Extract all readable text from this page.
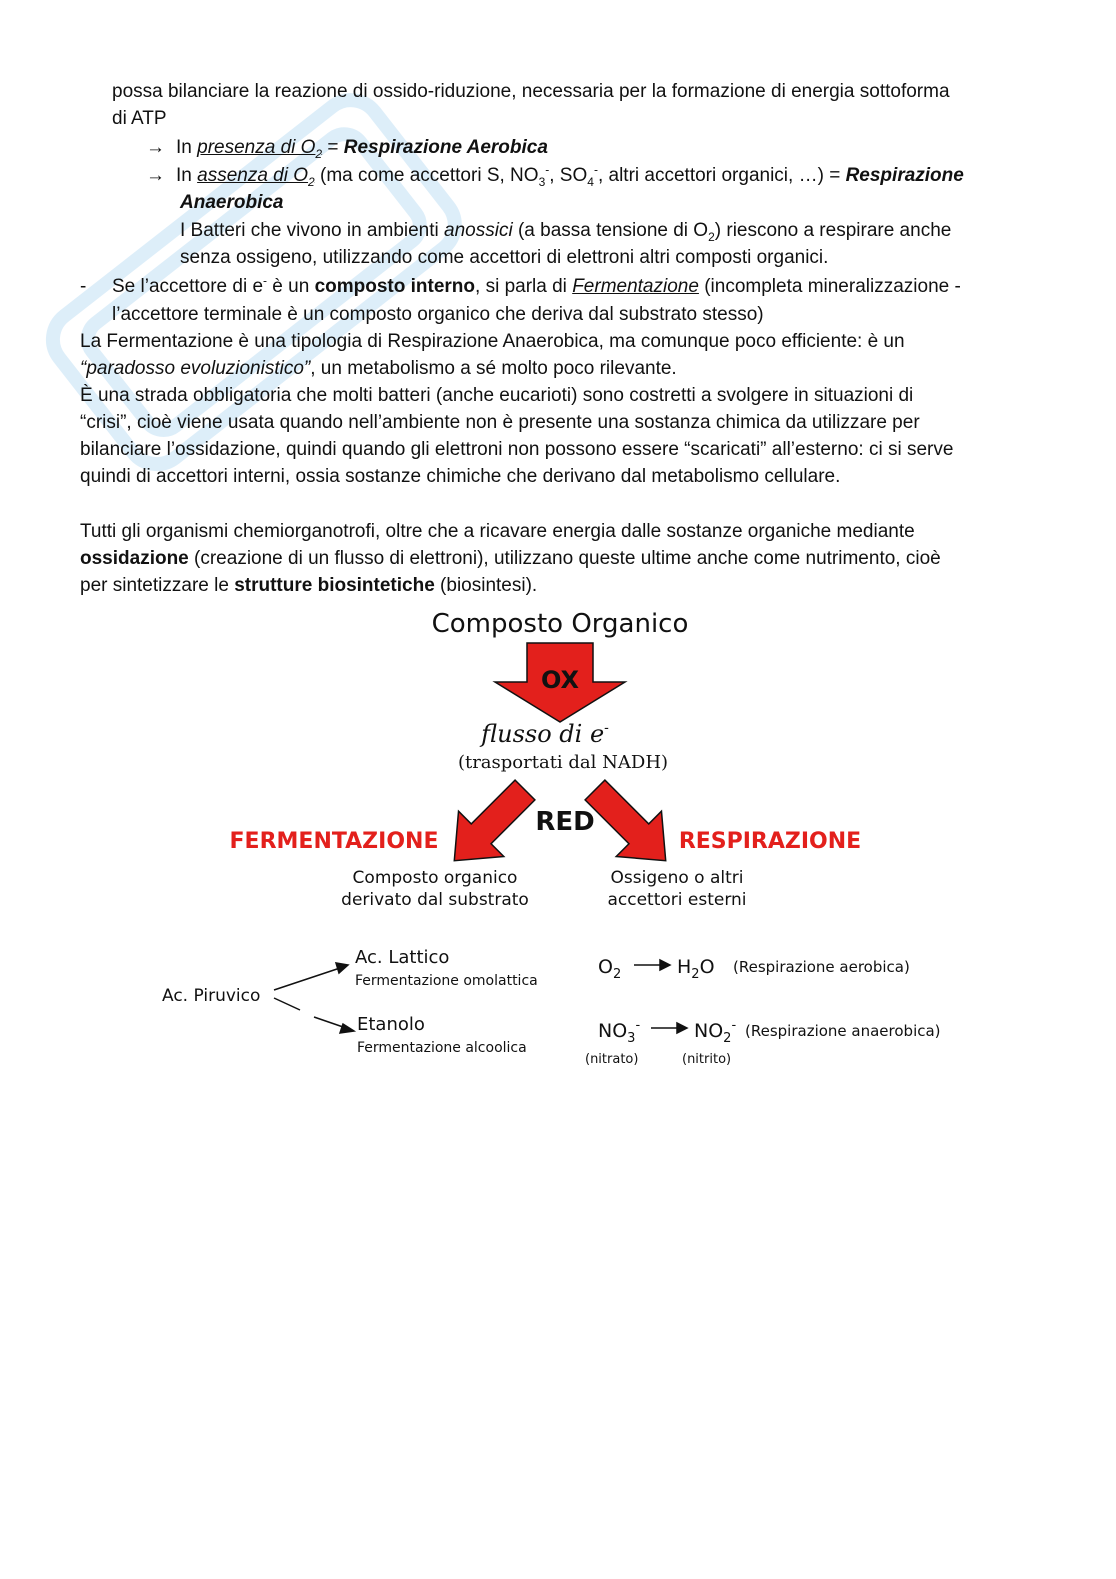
possa bilanciare la reazione di ossido-riduzione, necessaria per la formazione di energia sottoforma
di ATP
→ In presenza di $O_2$ = Respirazione Aerobica
→ In assenza di $O_2$ (ma come accettori S, $NO_3^-$, $SO_4^-$, altri accettori organici, …) = Respirazione
Anaerobica
I Batteri che vivono in ambienti anossici (a bassa tensione di $O_2$) riescono a respirare anche
senza ossigeno, utilizzando come accettori di elettroni altri composti organici.
- Se l’accettore di e- è un composto interno, si parla di Fermentazione (incompleta mineralizzazione -
l’accettore terminale è un composto organico che deriva dal substrato stesso)
La Fermentazione è una tipologia di Respirazione Anaerobica, ma comunque poco efficiente: è un
“paradosso evoluzionistico”, un metabolismo a sé molto poco rilevante.
È una strada obbligatoria che molti batteri (anche eucarioti) sono costretti a svolgere in situazioni di
“crisi”, cioè viene usata quando nell’ambiente non è presente una sostanza chimica da utilizzare per
bilanciare l’ossidazione, quindi quando gli elettroni non possono essere “scaricati” all’esterno: ci si serve
quindi di accettori interni, ossia sostanze chimiche che derivano dal metabolismo cellulare.
Tutti gli organismi chemiorganotrofi, oltre che a ricavare energia dalle sostanze organiche mediante
ossidazione (creazione di un flusso di elettroni), utilizzano queste ultime anche come nutrimento, cioè
per sintetizzare le strutture biosintetiche (biosintesi).
Composto Organico
OX
flusso di e-
(trasportati dal NADH)
RED
FERMENTAZIONE	RESPIRAZIONE
Composto organico
derivato dal substrato
Ossigeno o altri
accettori esterni
Ac. Piruvico
Ac. Lattico
Fermentazione omolattica
Etanolo
Fermentazione alcoolica
$O_2$	$H_2O$ (Respirazione aerobica)
$NO_3^-$	$NO_2^-$ (Respirazione anaerobica)
(nitrato)	(nitrito)
